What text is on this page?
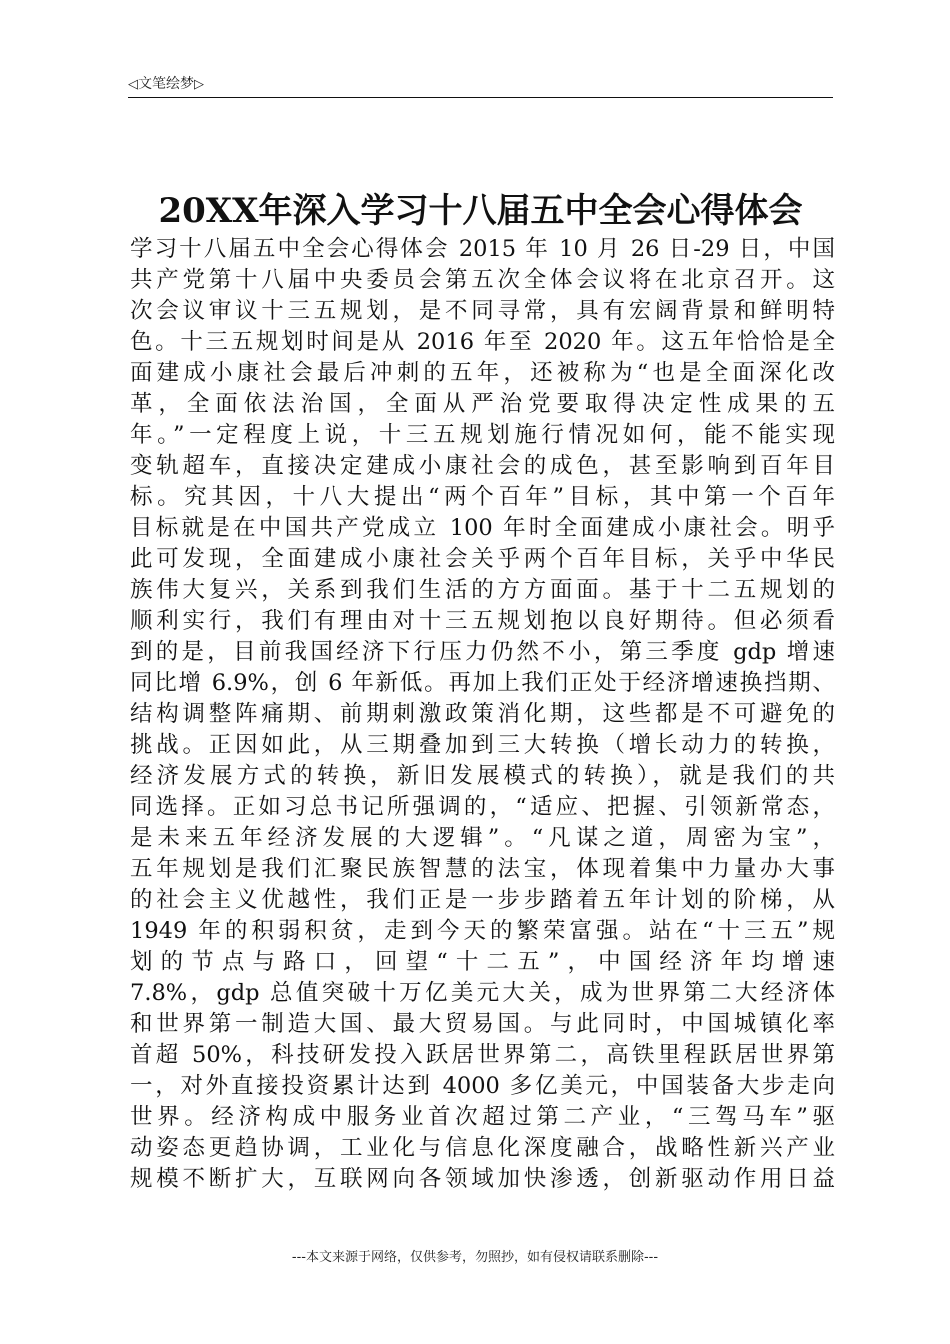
◁文笔绘梦▷
20XX年深入学习十八届五中全会心得体会
学习十八届五中全会心得体会 2015 年 10 月 26 日-29 日，中国
共产党第十八届中央委员会第五次全体会议将在北京召开。这
次会议审议十三五规划，是不同寻常，具有宏阔背景和鲜明特
色。十三五规划时间是从 2016 年至 2020 年。这五年恰恰是全
面建成小康社会最后冲刺的五年，还被称为“也是全面深化改
革，全面依法治国，全面从严治党要取得决定性成果的五
年。”一定程度上说，十三五规划施行情况如何，能不能实现
变轨超车，直接决定建成小康社会的成色，甚至影响到百年目
标。究其因，十八大提出“两个百年”目标，其中第一个百年
目标就是在中国共产党成立 100 年时全面建成小康社会。明乎
此可发现，全面建成小康社会关乎两个百年目标，关乎中华民
族伟大复兴，关系到我们生活的方方面面。基于十二五规划的
顺利实行，我们有理由对十三五规划抱以良好期待。但必须看
到的是，目前我国经济下行压力仍然不小，第三季度 gdp 增速
同比增 6.9%，创 6 年新低。再加上我们正处于经济增速换挡期、
结构调整阵痛期、前期刺激政策消化期，这些都是不可避免的
挑战。正因如此，从三期叠加到三大转换（增长动力的转换，
经济发展方式的转换，新旧发展模式的转换），就是我们的共
同选择。正如习总书记所强调的，“适应、把握、引领新常态，
是未来五年经济发展的大逻辑”。“凡谋之道，周密为宝”，
五年规划是我们汇聚民族智慧的法宝，体现着集中力量办大事
的社会主义优越性，我们正是一步步踏着五年计划的阶梯，从
1949 年的积弱积贫，走到今天的繁荣富强。站在“十三五”规
划的节点与路口，回望“十二五”，中国经济年均增速
7.8%，gdp 总值突破十万亿美元大关，成为世界第二大经济体
和世界第一制造大国、最大贸易国。与此同时，中国城镇化率
首超 50%，科技研发投入跃居世界第二，高铁里程跃居世界第
一，对外直接投资累计达到 4000 多亿美元，中国装备大步走向
世界。经济构成中服务业首次超过第二产业，“三驾马车”驱
动姿态更趋协调，工业化与信息化深度融合，战略性新兴产业
规模不断扩大，互联网向各领域加快渗透，创新驱动作用日益
---本文来源于网络，仅供参考，勿照抄，如有侵权请联系删除---
